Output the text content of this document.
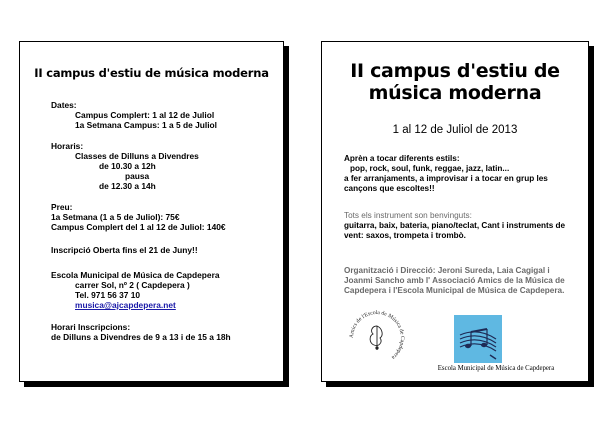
II campus d'estiu de música moderna
Dates:
Campus Complert: 1 al 12 de Juliol
1a Setmana Campus: 1 a 5 de Juliol
Horaris:
Classes de Dilluns a Divendres
de 10.30 a 12h
pausa
de 12.30 a 14h
Preu:
1a Setmana (1 a 5 de Juliol): 75€
Campus Complert del 1 al 12 de Juliol: 140€
Inscripció Oberta fins el 21 de Juny!!
Escola Municipal de Música de Capdepera
carrer Sol, nº 2 ( Capdepera )
Tel. 971 56 37 10
musica@ajcapdepera.net
Horari Inscripcions:
de Dilluns a Divendres de 9 a 13 i de 15 a 18h
II campus d'estiu de
música moderna
1 al 12 de Juliol de 2013
Aprèn a tocar diferents estils:
pop, rock, soul, funk, reggae, jazz, latin...
a fer arranjaments, a improvisar i a tocar en grup les cançons que escoltes!!
Tots els instrument son benvinguts:
guitarra, baix, bateria, piano/teclat, Cant i instruments de vent: saxos, trompeta i trombò.
Organització i Direcció: Jeroni Sureda, Laia Cagigal i Joanmi Sancho amb l' Associació Amics de la Música de Capdepera i l'Escola Municipal de Música de Capdepera.
Amics de l'Escola de Música de Capdepera
Escola Municipal de Música de Capdepera
